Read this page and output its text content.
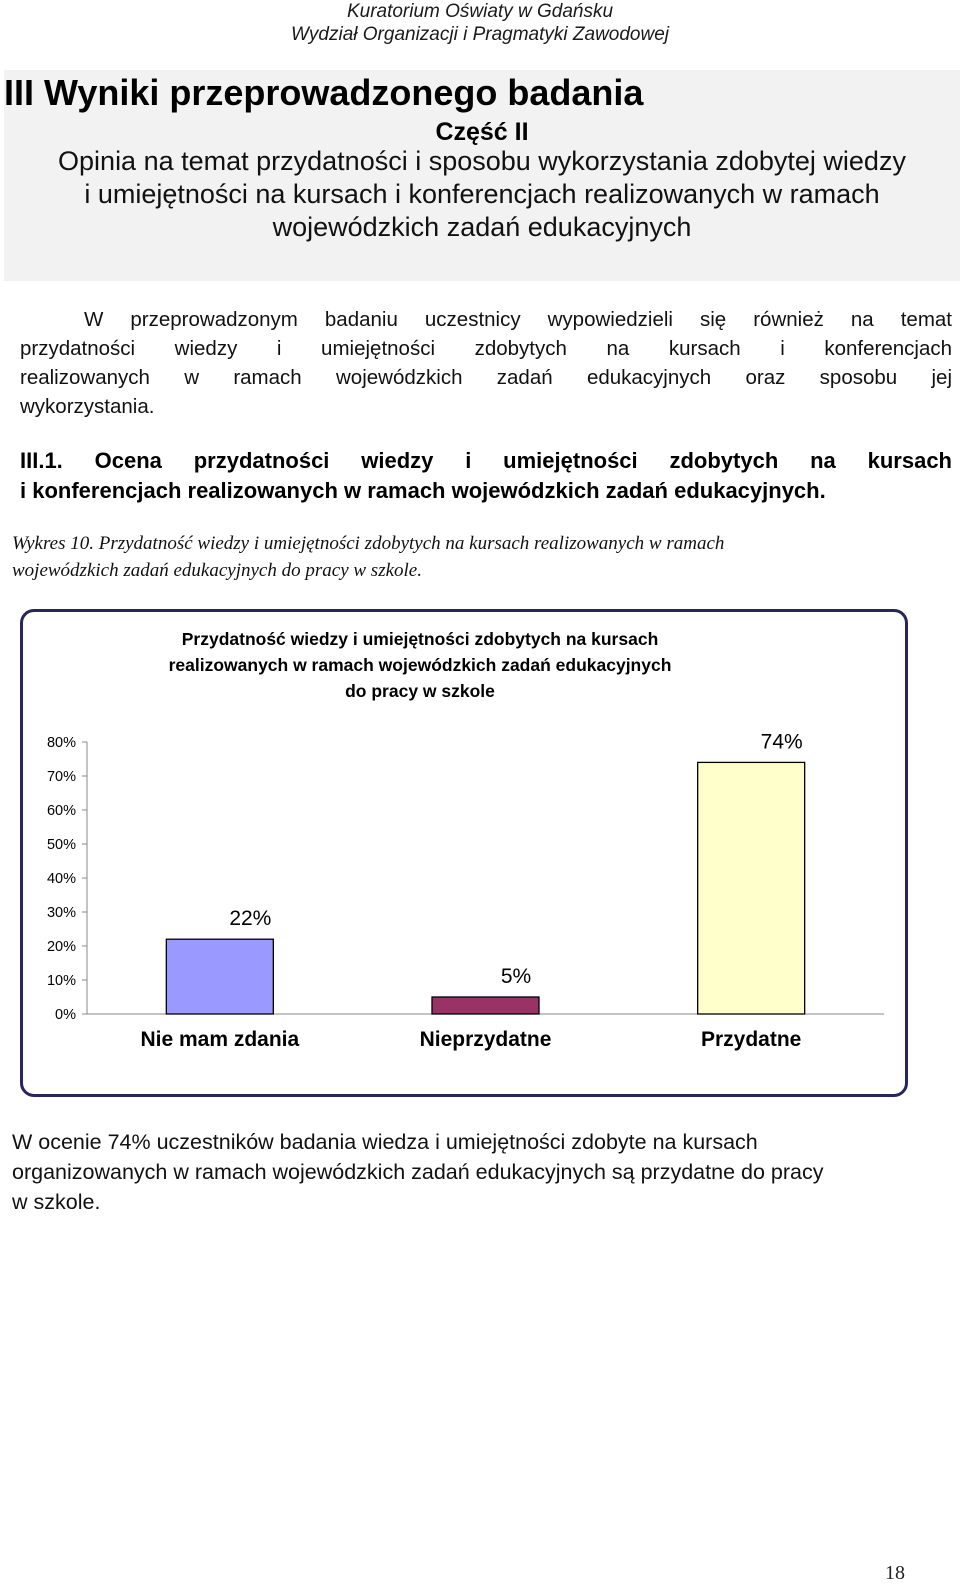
Kuratorium Oświaty w Gdańsku
Wydział Organizacji i Pragmatyki Zawodowej
III Wyniki przeprowadzonego badania
Część II
Opinia na temat przydatności i sposobu wykorzystania zdobytej wiedzy
i umiejętności na kursach i konferencjach realizowanych w ramach
wojewódzkich zadań edukacyjnych
W przeprowadzonym badaniu uczestnicy wypowiedzieli się również na temat
przydatności wiedzy i umiejętności zdobytych na kursach i konferencjach
realizowanych w ramach wojewódzkich zadań edukacyjnych oraz sposobu jej
wykorzystania.
III.1. Ocena przydatności wiedzy i umiejętności zdobytych na kursach
i konferencjach realizowanych w ramach wojewódzkich zadań edukacyjnych.
Wykres 10. Przydatność wiedzy i umiejętności zdobytych na kursach realizowanych w ramach
wojewódzkich zadań edukacyjnych do pracy w szkole.
Przydatność wiedzy i umiejętności zdobytych na kursach
realizowanych w ramach wojewódzkich zadań edukacyjnych
do pracy w szkole
0%
10%
20%
30%
40%
50%
60%
70%
80%
22%
Nie mam zdania
5%
Nieprzydatne
74%
Przydatne
W ocenie 74% uczestników badania wiedza i umiejętności zdobyte na kursach
organizowanych w ramach wojewódzkich zadań edukacyjnych są przydatne do pracy
w szkole.
18
